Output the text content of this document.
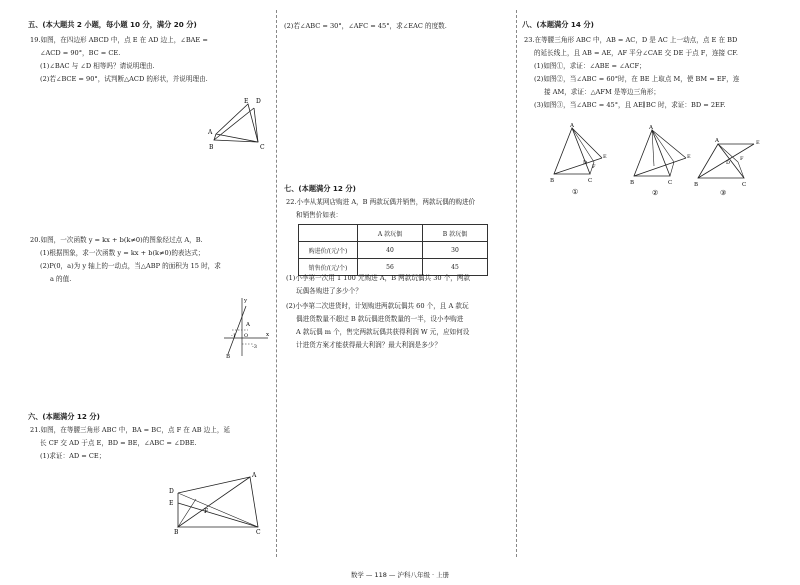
五、(本大题共 2 小题，每小题 10 分，满分 20 分)

19.如图，在四边形 ABCD 中，点 E 在 AD 边上，∠BAE =

∠ACD = 90°，BC = CE.

(1)∠BAC 与 ∠D 相等吗？请说明理由.

(2)若∠BCE = 90°，试判断△ACD 的形状，并说明理由.

D
E
A
B	C

20.如图，一次函数 y = kx + b(k≠0)的图象经过点 A，B.

(1)根据图象，求一次函数 y = kx + b(k≠0)的表达式；

(2)P(0，a)为 y 轴上的一动点，当△ABP 的面积为 15 时，求

a 的值.

y
A
x
-1 O
-3
B
六、(本题满分 12 分)

21.如图，在等腰三角形 ABC 中，BA = BC，点 F 在 AB 边上，延

长 CF 交 AD 于点 E，BD = BE，∠ABC = ∠DBE.

(1)求证：AD = CE；

A
D
E
F
B	C
(2)若∠ABC = 30°，∠AFC = 45°，求∠EAC 的度数.
七、(本题满分 12 分)

22.小李从某网店购进 A，B 两款玩偶并销售，两款玩偶的购进价

和销售价如表：

	A 款玩偶	B 款玩偶
购进价/(元/个)	40	30
销售价/(元/个)	56	45

(1)小李第一次用 1 100 元购进 A，B 两款玩偶共 30 个，两款

玩偶各购进了多少个？

(2)小李第二次进货时，计划购进两款玩偶共 60 个，且 A 款玩

偶进货数量不超过 B 款玩偶进货数量的一半，设小李购进

A 款玩偶 m 个，售完两款玩偶共获得利润 W 元，应如何设

计进货方案才能获得最大利润？最大利润是多少？

八、(本题满分 14 分)

23.在等腰三角形 ABC 中，AB = AC，D 是 AC 上一动点，点 E 在 BD

的延长线上，且 AB = AE，AF 平分∠CAE 交 DE 于点 F，连接 CF.

(1)如图①，求证：∠ABE = ∠ACF；

(2)如图②，当∠ABC = 60°时，在 BE 上取点 M，使 BM = EF，连

接 AM，求证：△AFM 是等边三角形；

(3)如图③，当∠ABC = 45°，且 AE∥BC 时，求证：BD = 2EF.

A
B	C
D
E
F
①
A
B	C
E
②
A
B	C
E
D
F
③
数学 — 118 — 沪科八年级 · 上册
